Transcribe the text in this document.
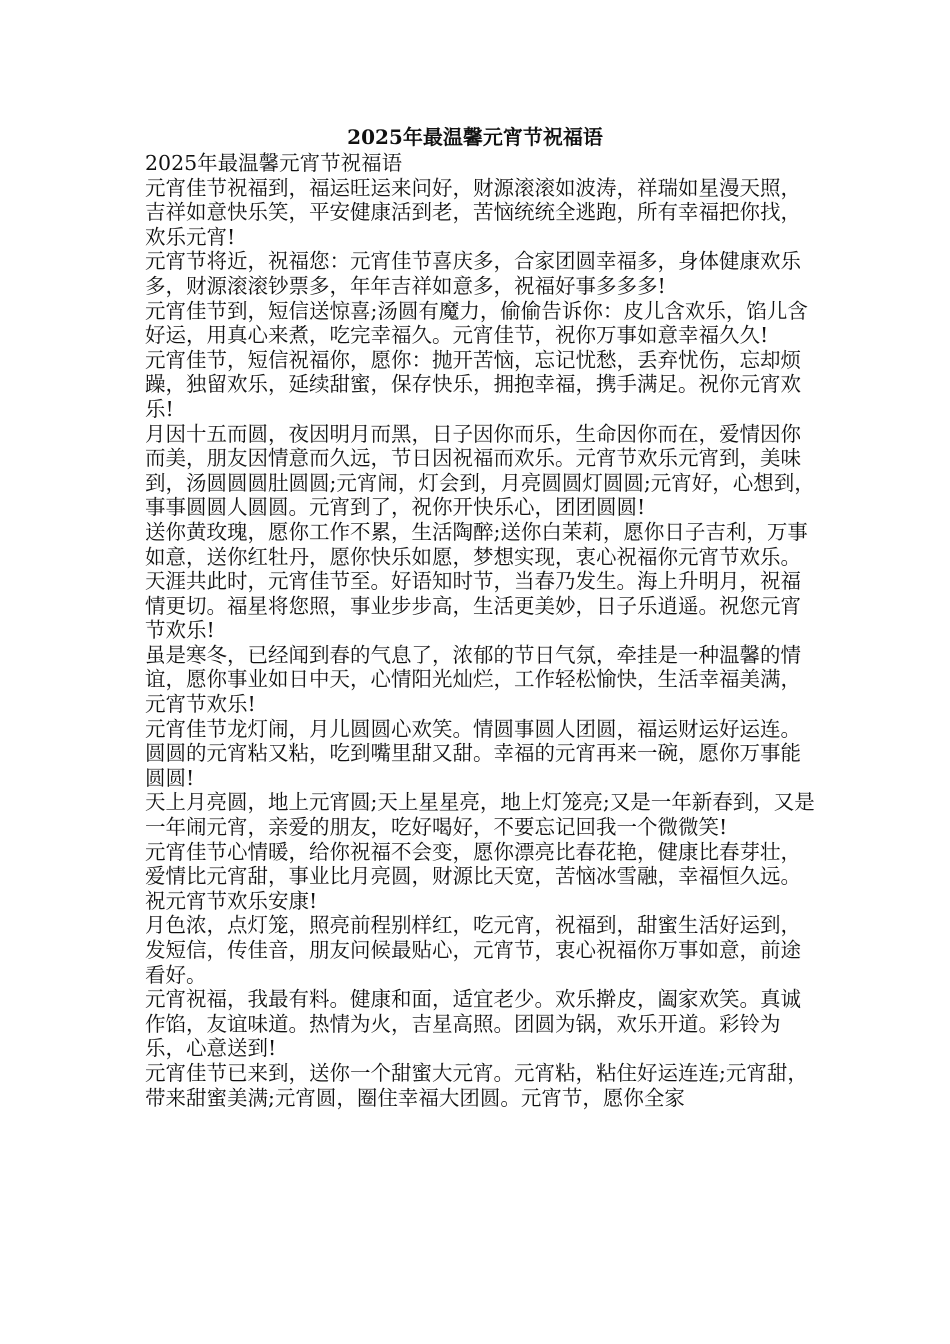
2025年最温馨元宵节祝福语

2025年最温馨元宵节祝福语

元宵佳节祝福到，福运旺运来问好，财源滚滚如波涛，祥瑞如星漫天照，吉祥如意快乐笑，平安健康活到老，苦恼统统全逃跑，所有幸福把你找，欢乐元宵!

元宵节将近，祝福您：元宵佳节喜庆多，合家团圆幸福多，身体健康欢乐多，财源滚滚钞票多，年年吉祥如意多，祝福好事多多多!

元宵佳节到，短信送惊喜;汤圆有魔力，偷偷告诉你：皮儿含欢乐，馅儿含好运，用真心来煮，吃完幸福久。元宵佳节，祝你万事如意幸福久久!

元宵佳节，短信祝福你，愿你：抛开苦恼，忘记忧愁，丢弃忧伤，忘却烦躁，独留欢乐，延续甜蜜，保存快乐，拥抱幸福，携手满足。祝你元宵欢乐!

月因十五而圆，夜因明月而黑，日子因你而乐，生命因你而在，爱情因你而美，朋友因情意而久远，节日因祝福而欢乐。元宵节欢乐元宵到，美味到，汤圆圆圆肚圆圆;元宵闹，灯会到，月亮圆圆灯圆圆;元宵好，心想到，事事圆圆人圆圆。元宵到了，祝你开快乐心，团团圆圆!

送你黄玫瑰，愿你工作不累，生活陶醉;送你白茉莉，愿你日子吉利，万事如意，送你红牡丹，愿你快乐如愿，梦想实现，衷心祝福你元宵节欢乐。

天涯共此时，元宵佳节至。好语知时节，当春乃发生。海上升明月，祝福情更切。福星将您照，事业步步高，生活更美妙，日子乐逍遥。祝您元宵节欢乐!

虽是寒冬，已经闻到春的气息了，浓郁的节日气氛，牵挂是一种温馨的情谊，愿你事业如日中天，心情阳光灿烂，工作轻松愉快，生活幸福美满，元宵节欢乐!

元宵佳节龙灯闹，月儿圆圆心欢笑。情圆事圆人团圆，福运财运好运连。圆圆的元宵粘又粘，吃到嘴里甜又甜。幸福的元宵再来一碗，愿你万事能圆圆!

天上月亮圆，地上元宵圆;天上星星亮，地上灯笼亮;又是一年新春到，又是一年闹元宵，亲爱的朋友，吃好喝好，不要忘记回我一个微微笑!

元宵佳节心情暖，给你祝福不会变，愿你漂亮比春花艳，健康比春芽壮，爱情比元宵甜，事业比月亮圆，财源比天宽，苦恼冰雪融，幸福恒久远。祝元宵节欢乐安康!

月色浓，点灯笼，照亮前程别样红，吃元宵，祝福到，甜蜜生活好运到，发短信，传佳音，朋友问候最贴心，元宵节，衷心祝福你万事如意，前途看好。

元宵祝福，我最有料。健康和面，适宜老少。欢乐擀皮，阖家欢笑。真诚作馅，友谊味道。热情为火，吉星高照。团圆为锅，欢乐开道。彩铃为乐，心意送到!

元宵佳节已来到，送你一个甜蜜大元宵。元宵粘，粘住好运连连;元宵甜，带来甜蜜美满;元宵圆，圈住幸福大团圆。元宵节，愿你全家
